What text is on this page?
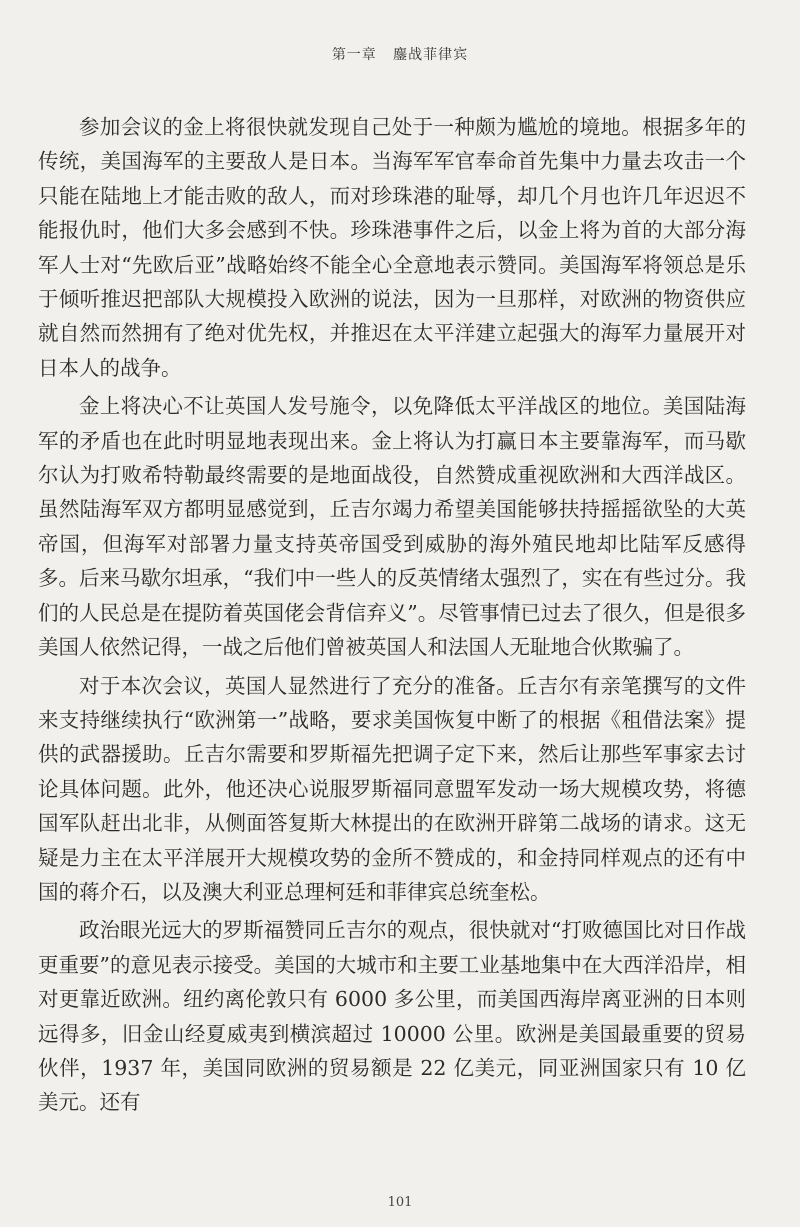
第一章 鏖战菲律宾

参加会议的金上将很快就发现自己处于一种颇为尴尬的境地。根据多年的传统，美国海军的主要敌人是日本。当海军军官奉命首先集中力量去攻击一个只能在陆地上才能击败的敌人，而对珍珠港的耻辱，却几个月也许几年迟迟不能报仇时，他们大多会感到不快。珍珠港事件之后，以金上将为首的大部分海军人士对“先欧后亚”战略始终不能全心全意地表示赞同。美国海军将领总是乐于倾听推迟把部队大规模投入欧洲的说法，因为一旦那样，对欧洲的物资供应就自然而然拥有了绝对优先权，并推迟在太平洋建立起强大的海军力量展开对日本人的战争。

金上将决心不让英国人发号施令，以免降低太平洋战区的地位。美国陆海军的矛盾也在此时明显地表现出来。金上将认为打赢日本主要靠海军，而马歇尔认为打败希特勒最终需要的是地面战役，自然赞成重视欧洲和大西洋战区。虽然陆海军双方都明显感觉到，丘吉尔竭力希望美国能够扶持摇摇欲坠的大英帝国，但海军对部署力量支持英帝国受到威胁的海外殖民地却比陆军反感得多。后来马歇尔坦承，“我们中一些人的反英情绪太强烈了，实在有些过分。我们的人民总是在提防着英国佬会背信弃义”。尽管事情已过去了很久，但是很多美国人依然记得，一战之后他们曾被英国人和法国人无耻地合伙欺骗了。

对于本次会议，英国人显然进行了充分的准备。丘吉尔有亲笔撰写的文件来支持继续执行“欧洲第一”战略，要求美国恢复中断了的根据《租借法案》提供的武器援助。丘吉尔需要和罗斯福先把调子定下来，然后让那些军事家去讨论具体问题。此外，他还决心说服罗斯福同意盟军发动一场大规模攻势，将德国军队赶出北非，从侧面答复斯大林提出的在欧洲开辟第二战场的请求。这无疑是力主在太平洋展开大规模攻势的金所不赞成的，和金持同样观点的还有中国的蒋介石，以及澳大利亚总理柯廷和菲律宾总统奎松。

政治眼光远大的罗斯福赞同丘吉尔的观点，很快就对“打败德国比对日作战更重要”的意见表示接受。美国的大城市和主要工业基地集中在大西洋沿岸，相对更靠近欧洲。纽约离伦敦只有 6000 多公里，而美国西海岸离亚洲的日本则远得多，旧金山经夏威夷到横滨超过 10000 公里。欧洲是美国最重要的贸易伙伴，1937 年，美国同欧洲的贸易额是 22 亿美元，同亚洲国家只有 10 亿美元。还有

101
